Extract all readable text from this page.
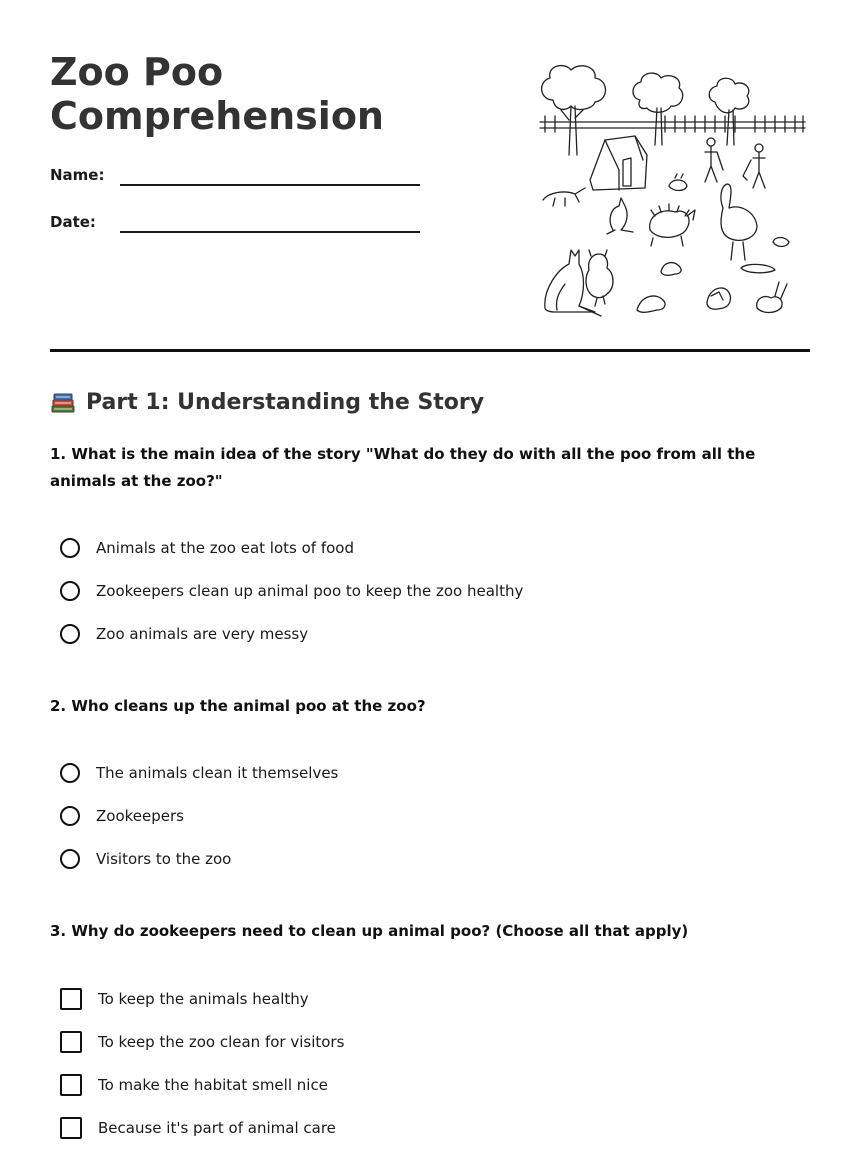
Zoo Poo Comprehension
Name:
Date:
Part 1: Understanding the Story
1. What is the main idea of the story "What do they do with all the poo from all the animals at the zoo?"
Animals at the zoo eat lots of food
Zookeepers clean up animal poo to keep the zoo healthy
Zoo animals are very messy
2. Who cleans up the animal poo at the zoo?
The animals clean it themselves
Zookeepers
Visitors to the zoo
3. Why do zookeepers need to clean up animal poo? (Choose all that apply)
To keep the animals healthy
To keep the zoo clean for visitors
To make the habitat smell nice
Because it's part of animal care
